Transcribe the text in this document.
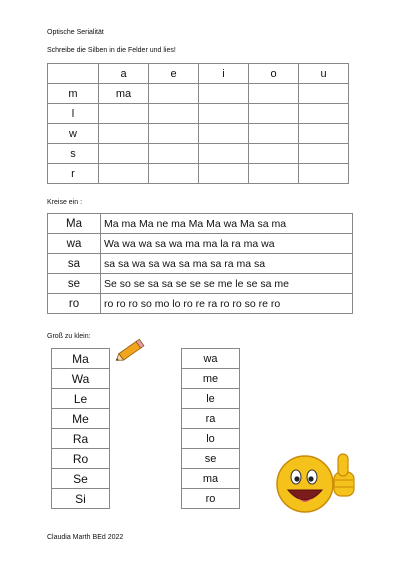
Optische Serialität
Schreibe die Silben in die Felder und lies!
	a	e	i	o	u
m	ma				
l					
w					
s					
r					
Kreise ein :
Ma	Ma ma Ma ne ma Ma Ma wa Ma sa ma
wa	Wa wa wa sa wa ma ma la ra ma wa
sa	sa sa wa sa wa sa ma sa ra ma sa
se	Se so se sa sa se se se me le se sa me
ro	ro ro ro so mo lo ro re ra ro ro so re ro
Groß zu klein:
Ma
Wa
Le
Me
Ra
Ro
Se
Si
wa
me
le
ra
lo
se
ma
ro
Claudia Marth BEd 2022
